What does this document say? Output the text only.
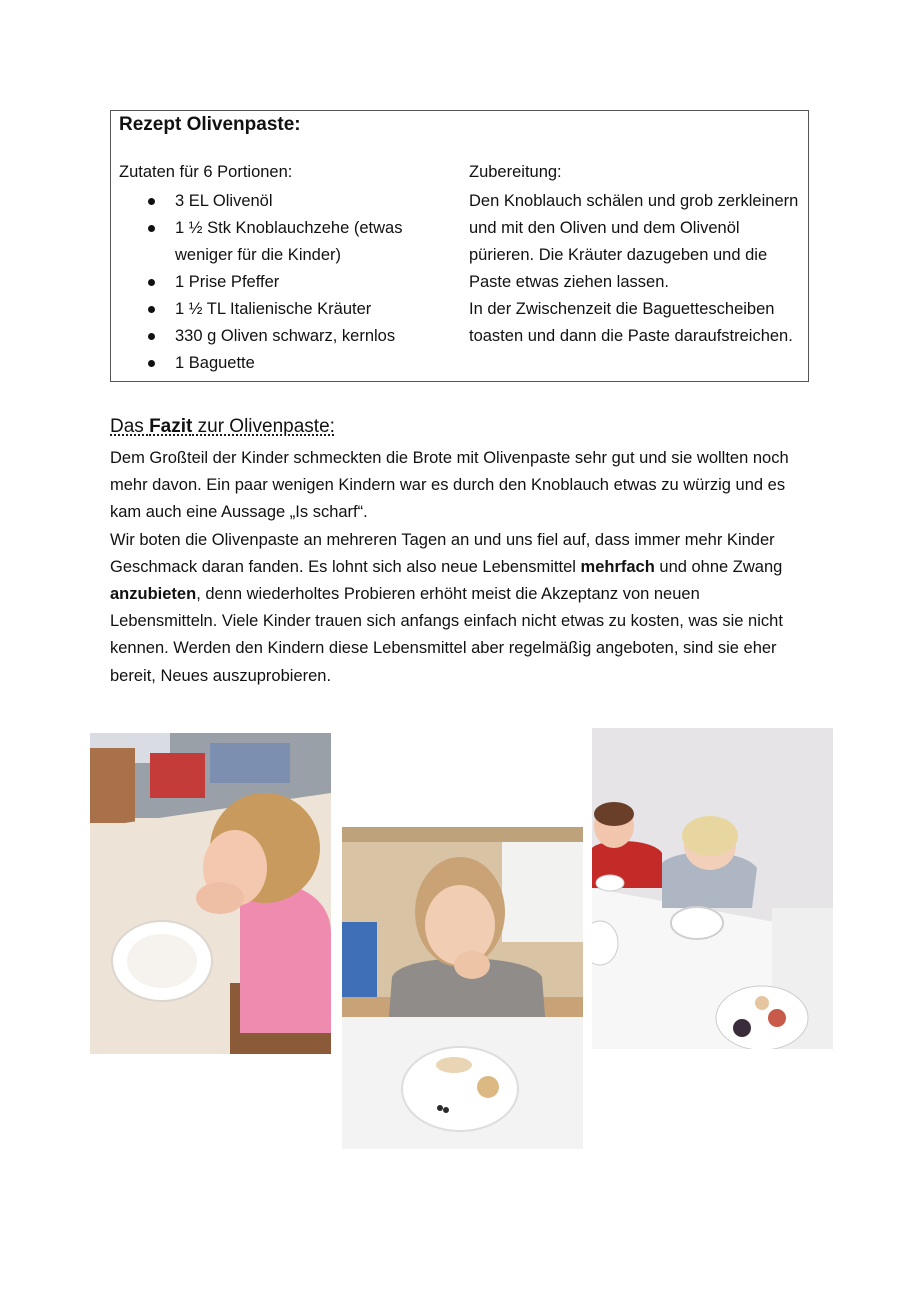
Rezept Olivenpaste:
Zutaten für 6 Portionen:
3 EL Olivenöl
1 ½ Stk Knoblauchzehe (etwas weniger für die Kinder)
1 Prise Pfeffer
1 ½ TL Italienische Kräuter
330 g Oliven schwarz, kernlos
1 Baguette
Zubereitung:

Den Knoblauch schälen und grob zerkleinern und mit den Oliven und dem Olivenöl pürieren. Die Kräuter dazugeben und die Paste etwas ziehen lassen.

In der Zwischenzeit die Baguettescheiben toasten und dann die Paste daraufstreichen.

Das Fazit zur Olivenpaste:

Dem Großteil der Kinder schmeckten die Brote mit Olivenpaste sehr gut und sie wollten noch mehr davon. Ein paar wenigen Kindern war es durch den Knoblauch etwas zu würzig und es kam auch eine Aussage „Is scharf“.

Wir boten die Olivenpaste an mehreren Tagen an und uns fiel auf, dass immer mehr Kinder Geschmack daran fanden. Es lohnt sich also neue Lebensmittel mehrfach und ohne Zwang anzubieten, denn wiederholtes Probieren erhöht meist die Akzeptanz von neuen Lebensmitteln. Viele Kinder trauen sich anfangs einfach nicht etwas zu kosten, was sie nicht kennen. Werden den Kindern diese Lebensmittel aber regelmäßig angeboten, sind sie eher bereit, Neues auszuprobieren.
